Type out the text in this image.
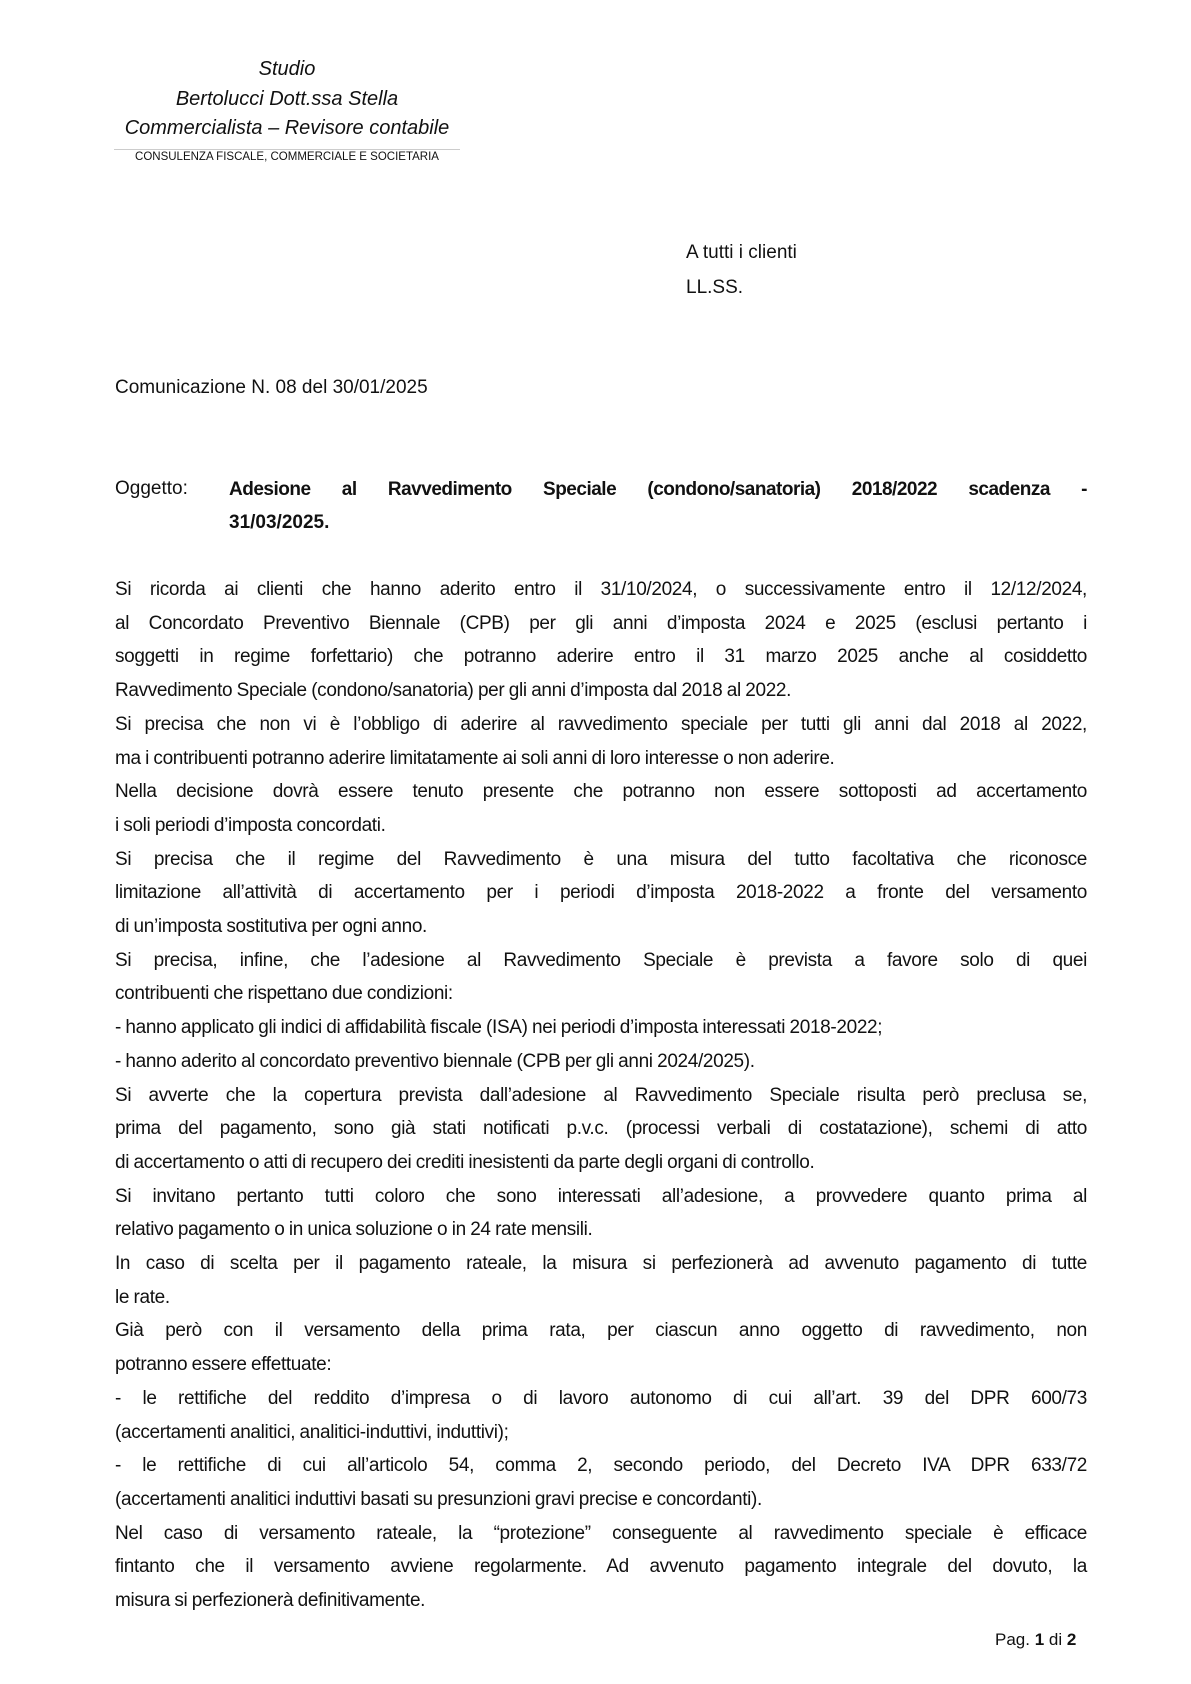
Studio
Bertolucci Dott.ssa Stella
Commercialista – Revisore contabile
CONSULENZA FISCALE, COMMERCIALE E SOCIETARIA
A tutti i clienti
LL.SS.
Comunicazione N. 08 del 30/01/2025
Oggetto: Adesione al Ravvedimento Speciale (condono/sanatoria) 2018/2022 scadenza -
31/03/2025.
Si ricorda ai clienti che hanno aderito entro il 31/10/2024, o successivamente entro il 12/12/2024,
al Concordato Preventivo Biennale (CPB) per gli anni d’imposta 2024 e 2025 (esclusi pertanto i
soggetti in regime forfettario) che potranno aderire entro il 31 marzo 2025 anche al cosiddetto
Ravvedimento Speciale (condono/sanatoria) per gli anni d’imposta dal 2018 al 2022.
Si precisa che non vi è l’obbligo di aderire al ravvedimento speciale per tutti gli anni dal 2018 al 2022,
ma i contribuenti potranno aderire limitatamente ai soli anni di loro interesse o non aderire.
Nella decisione dovrà essere tenuto presente che potranno non essere sottoposti ad accertamento
i soli periodi d’imposta concordati.
Si precisa che il regime del Ravvedimento è una misura del tutto facoltativa che riconosce
limitazione all’attività di accertamento per i periodi d’imposta 2018-2022 a fronte del versamento
di un’imposta sostitutiva per ogni anno.
Si precisa, infine, che l’adesione al Ravvedimento Speciale è prevista a favore solo di quei
contribuenti che rispettano due condizioni:
- hanno applicato gli indici di affidabilità fiscale (ISA) nei periodi d’imposta interessati 2018-2022;
- hanno aderito al concordato preventivo biennale (CPB per gli anni 2024/2025).
Si avverte che la copertura prevista dall’adesione al Ravvedimento Speciale risulta però preclusa se,
prima del pagamento, sono già stati notificati p.v.c. (processi verbali di costatazione), schemi di atto
di accertamento o atti di recupero dei crediti inesistenti da parte degli organi di controllo.
Si invitano pertanto tutti coloro che sono interessati all’adesione, a provvedere quanto prima al
relativo pagamento o in unica soluzione o in 24 rate mensili.
In caso di scelta per il pagamento rateale, la misura si perfezionerà ad avvenuto pagamento di tutte
le rate.
Già però con il versamento della prima rata, per ciascun anno oggetto di ravvedimento, non
potranno essere effettuate:
- le rettifiche del reddito d’impresa o di lavoro autonomo di cui all’art. 39 del DPR 600/73
(accertamenti analitici, analitici-induttivi, induttivi);
- le rettifiche di cui all’articolo 54, comma 2, secondo periodo, del Decreto IVA DPR 633/72
(accertamenti analitici induttivi basati su presunzioni gravi precise e concordanti).
Nel caso di versamento rateale, la “protezione” conseguente al ravvedimento speciale è efficace
fintanto che il versamento avviene regolarmente. Ad avvenuto pagamento integrale del dovuto, la
misura si perfezionerà definitivamente.
Pag. 1 di 2
